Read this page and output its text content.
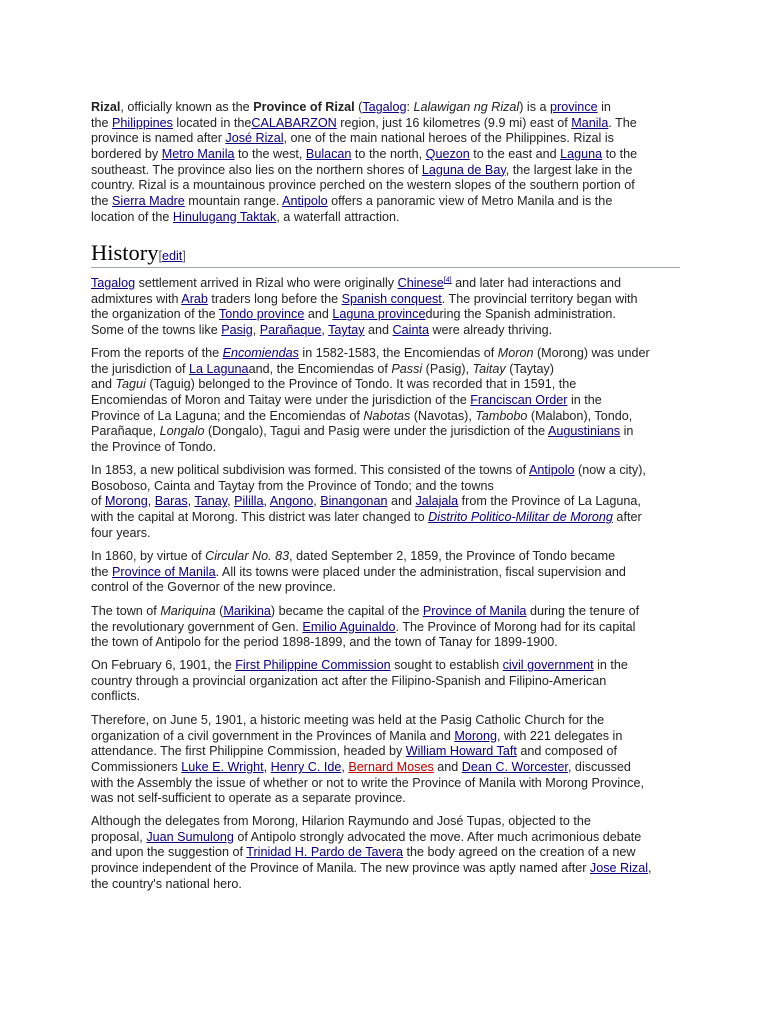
Rizal, officially known as the Province of Rizal (Tagalog: Lalawigan ng Rizal) is a province in
the Philippines located in theCALABARZON region, just 16 kilometres (9.9 mi) east of Manila. The
province is named after José Rizal, one of the main national heroes of the Philippines. Rizal is
bordered by Metro Manila to the west, Bulacan to the north, Quezon to the east and Laguna to the
southeast. The province also lies on the northern shores of Laguna de Bay, the largest lake in the
country. Rizal is a mountainous province perched on the western slopes of the southern portion of
the Sierra Madre mountain range. Antipolo offers a panoramic view of Metro Manila and is the
location of the Hinulugang Taktak, a waterfall attraction.
History[edit]
Tagalog settlement arrived in Rizal who were originally Chinese[4] and later had interactions and
admixtures with Arab traders long before the Spanish conquest. The provincial territory began with
the organization of the Tondo province and Laguna provinceduring the Spanish administration.
Some of the towns like Pasig, Parañaque, Taytay and Cainta were already thriving.
From the reports of the Encomiendas in 1582-1583, the Encomiendas of Moron (Morong) was under
the jurisdiction of La Lagunaand, the Encomiendas of Passi (Pasig), Taitay (Taytay)
and Tagui (Taguig) belonged to the Province of Tondo. It was recorded that in 1591, the
Encomiendas of Moron and Taitay were under the jurisdiction of the Franciscan Order in the
Province of La Laguna; and the Encomiendas of Nabotas (Navotas), Tambobo (Malabon), Tondo,
Parañaque, Longalo (Dongalo), Tagui and Pasig were under the jurisdiction of the Augustinians in
the Province of Tondo.
In 1853, a new political subdivision was formed. This consisted of the towns of Antipolo (now a city),
Bosoboso, Cainta and Taytay from the Province of Tondo; and the towns
of Morong, Baras, Tanay, Pililla, Angono, Binangonan and Jalajala from the Province of La Laguna,
with the capital at Morong. This district was later changed to Distrito Politico-Militar de Morong after
four years.
In 1860, by virtue of Circular No. 83, dated September 2, 1859, the Province of Tondo became
the Province of Manila. All its towns were placed under the administration, fiscal supervision and
control of the Governor of the new province.
The town of Mariquina (Marikina) became the capital of the Province of Manila during the tenure of
the revolutionary government of Gen. Emilio Aguinaldo. The Province of Morong had for its capital
the town of Antipolo for the period 1898-1899, and the town of Tanay for 1899-1900.
On February 6, 1901, the First Philippine Commission sought to establish civil government in the
country through a provincial organization act after the Filipino-Spanish and Filipino-American
conflicts.
Therefore, on June 5, 1901, a historic meeting was held at the Pasig Catholic Church for the
organization of a civil government in the Provinces of Manila and Morong, with 221 delegates in
attendance. The first Philippine Commission, headed by William Howard Taft and composed of
Commissioners Luke E. Wright, Henry C. Ide, Bernard Moses and Dean C. Worcester, discussed
with the Assembly the issue of whether or not to write the Province of Manila with Morong Province,
was not self-sufficient to operate as a separate province.
Although the delegates from Morong, Hilarion Raymundo and José Tupas, objected to the
proposal, Juan Sumulong of Antipolo strongly advocated the move. After much acrimonious debate
and upon the suggestion of Trinidad H. Pardo de Tavera the body agreed on the creation of a new
province independent of the Province of Manila. The new province was aptly named after Jose Rizal,
the country's national hero.
